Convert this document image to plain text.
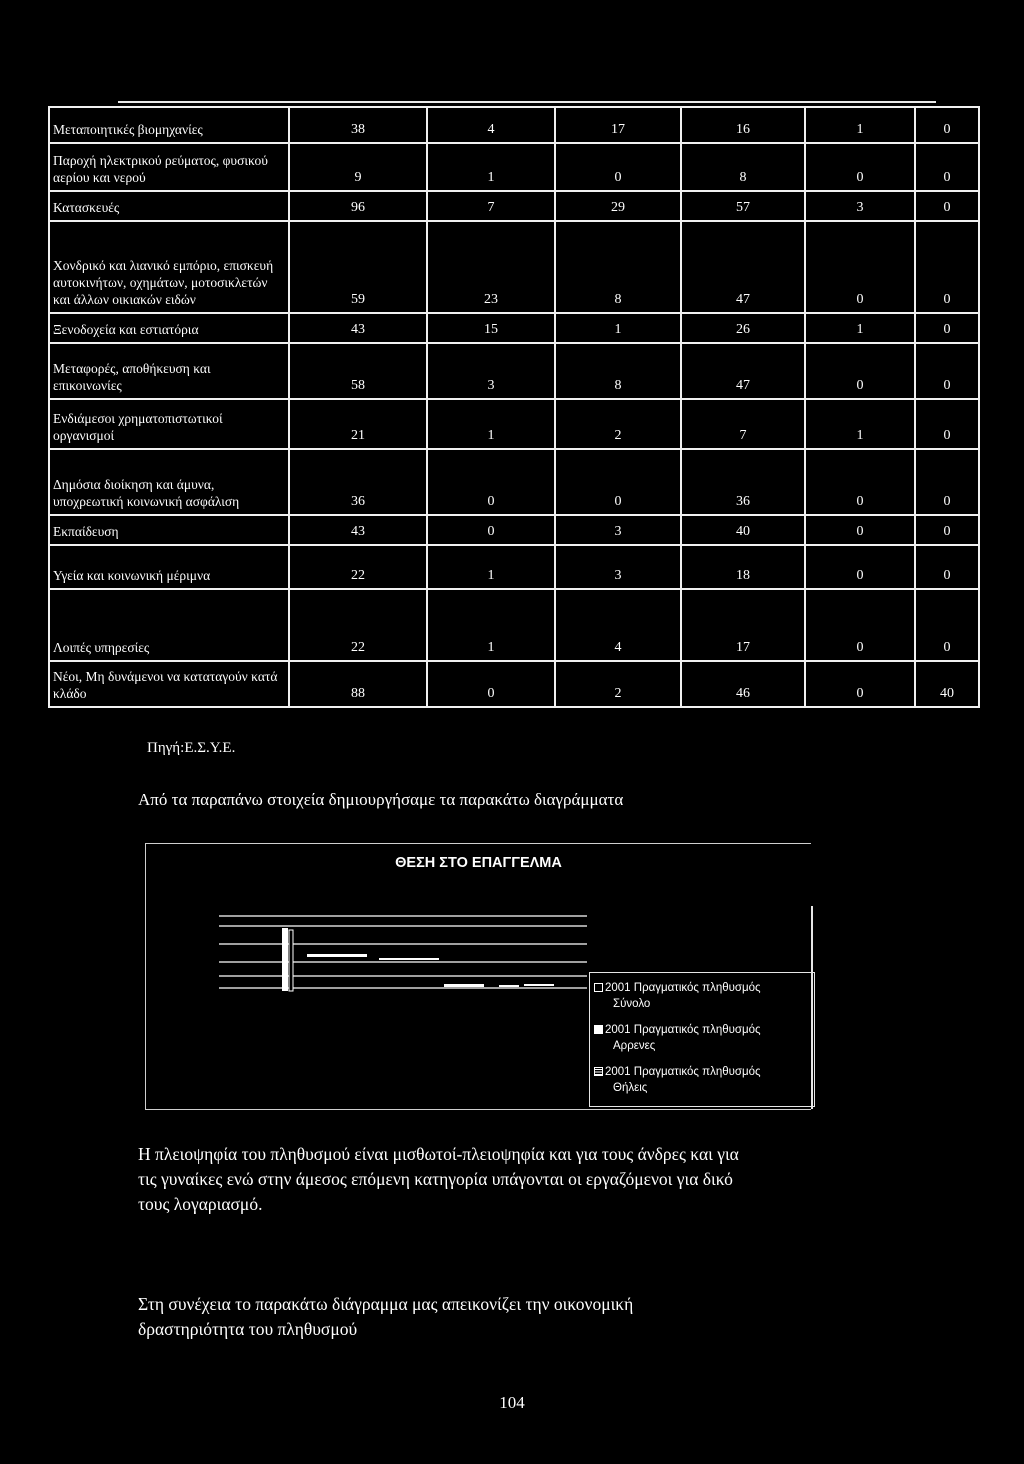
Μεταποιητικές βιομηχανίες	38	4	17	16	1	0
Παροχή ηλεκτρικού ρεύματος, φυσικού αερίου και νερού	9	1	0	8	0	0
Κατασκευές	96	7	29	57	3	0
Χονδρικό και λιανικό εμπόριο, επισκευή αυτοκινήτων, οχημάτων, μοτοσικλετών και άλλων οικιακών ειδών	59	23	8	47	0	0
Ξενοδοχεία και εστιατόρια	43	15	1	26	1	0
Μεταφορές, αποθήκευση και επικοινωνίες	58	3	8	47	0	0
Ενδιάμεσοι χρηματοπιστωτικοί οργανισμοί	21	1	2	7	1	0
Δημόσια διοίκηση και άμυνα, υποχρεωτική κοινωνική ασφάλιση	36	0	0	36	0	0
Εκπαίδευση	43	0	3	40	0	0
Υγεία και κοινωνική μέριμνα	22	1	3	18	0	0
Λοιπές υπηρεσίες	22	1	4	17	0	0
Νέοι, Μη δυνάμενοι να καταταγούν κατά κλάδο	88	0	2	46	0	40
Πηγή:Ε.Σ.Υ.Ε.
Από τα παραπάνω στοιχεία δημιουργήσαμε τα παρακάτω διαγράμματα
ΘΕΣΗ ΣΤΟ ΕΠΑΓΓΕΛΜΑ
2001 Πραγματικός πληθυσμός
Σύνολο
2001 Πραγματικός πληθυσμός
Αρρενες
2001 Πραγματικός πληθυσμός
Θήλεις
Η πλειοψηφία του πληθυσμού είναι μισθωτοί-πλειοψηφία και για τους άνδρες και για
τις γυναίκες ενώ στην άμεσος επόμενη κατηγορία υπάγονται οι εργαζόμενοι για δικό
τους λογαριασμό.
Στη συνέχεια το παρακάτω διάγραμμα μας απεικονίζει την οικονομική
δραστηριότητα του πληθυσμού
104
